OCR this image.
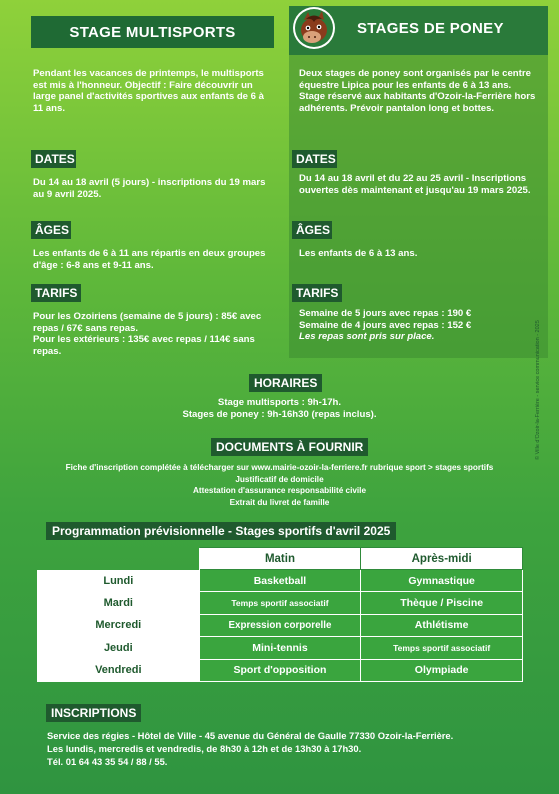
STAGE MULTISPORTS	STAGES DE PONEY
Pendant les vacances de printemps, le multisports
est mis à l'honneur. Objectif : Faire découvrir un
large panel d'activités sportives aux enfants de 6 à
11 ans.
DATES
Du 14 au 18 avril (5 jours) - inscriptions du 19 mars
au 9 avril 2025.
ÂGES
Les enfants de 6 à 11 ans répartis en deux groupes
d'âge : 6-8 ans et 9-11 ans.
TARIFS
Pour les Ozoiriens (semaine de 5 jours) : 85€ avec
repas / 67€ sans repas.
Pour les extérieurs : 135€ avec repas / 114€ sans
repas.
Deux stages de poney sont organisés par le centre
équestre Lipica pour les enfants de 6 à 13 ans.
Stage réservé aux habitants d'Ozoir-la-Ferrière hors
adhérents. Prévoir pantalon long et bottes.
DATES
Du 14 au 18 avril et du 22 au 25 avril - Inscriptions
ouvertes dès maintenant et jusqu'au 19 mars 2025.
ÂGES
Les enfants de 6 à 13 ans.
TARIFS
Semaine de 5 jours avec repas : 190 €
Semaine de 4 jours avec repas : 152 €
Les repas sont pris sur place.
HORAIRES
Stage multisports : 9h-17h.
Stages de poney : 9h-16h30 (repas inclus).
DOCUMENTS À FOURNIR
Fiche d'inscription complétée à télécharger sur www.mairie-ozoir-la-ferriere.fr rubrique sport > stages sportifs
Justificatif de domicile
Attestation d'assurance responsabilité civile
Extrait du livret de famille
Programmation prévisionnelle - Stages sportifs d'avril 2025
	Matin	Après-midi
Lundi	Basketball	Gymnastique
Mardi	Temps sportif associatif	Thèque / Piscine
Mercredi	Expression corporelle	Athlétisme
Jeudi	Mini-tennis	Temps sportif associatif
Vendredi	Sport d'opposition	Olympiade
INSCRIPTIONS
Service des régies - Hôtel de Ville - 45 avenue du Général de Gaulle 77330 Ozoir-la-Ferrière.
Les lundis, mercredis et vendredis, de 8h30 à 12h et de 13h30 à 17h30.
Tél. 01 64 43 35 54 / 88 / 55.
© Ville d'Ozoir-la-Ferrière - service communication - 2025
